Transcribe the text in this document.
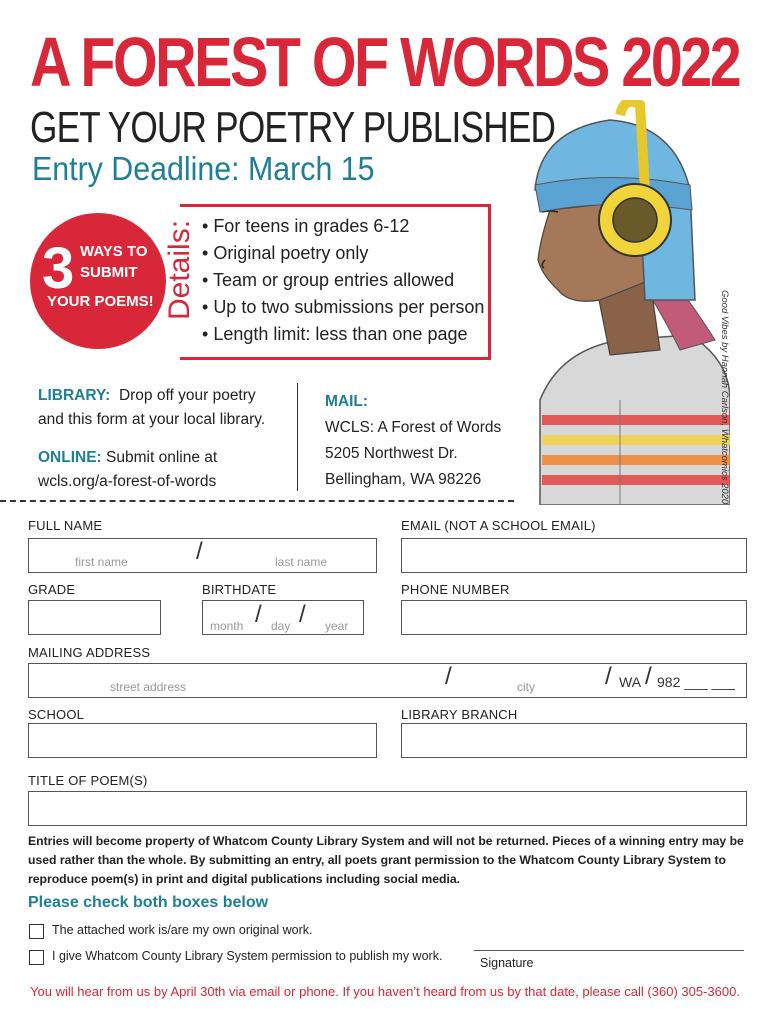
A FOREST OF WORDS 2022
GET YOUR POETRY PUBLISHED
Entry Deadline: March 15
3 WAYS TO
SUBMIT
YOUR POEMS! Details:
• For teens in grades 6-12
• Original poetry only
• Team or group entries allowed
• Up to two submissions per person
• Length limit: less than one page
LIBRARY: Drop off your poetry
and this form at your local library.
ONLINE: Submit online at
wcls.org/a-forest-of-words
MAIL:
WCLS: A Forest of Words
5205 Northwest Dr.
Bellingham, WA 98226	Good Vibes by Hannah Carlson, Whatcomics 2020
FULL NAME
first name	/	last name
EMAIL (NOT A SCHOOL EMAIL)
GRADE	BIRTHDATE
month / day / year
PHONE NUMBER
MAILING ADDRESS
street address	/	city	/ WA / 982 ___ ___
SCHOOL	LIBRARY BRANCH
TITLE OF POEM(S)
Entries will become property of Whatcom County Library System and will not be returned. Pieces of a winning entry may be used rather than the whole. By submitting an entry, all poets grant permission to the Whatcom County Library System to reproduce poem(s) in print and digital publications including social media.
Please check both boxes below
The attached work is/are my own original work.
I give Whatcom County Library System permission to publish my work.	Signature
You will hear from us by April 30th via email or phone. If you haven’t heard from us by that date, please call (360) 305-3600.
